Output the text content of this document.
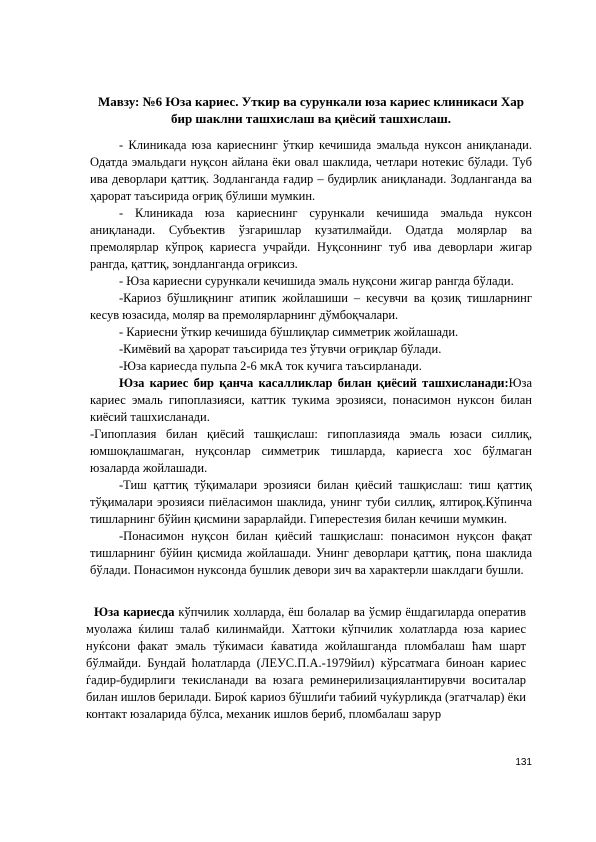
Мавзу: №6 Юза кариес. Уткир ва сурункали юза кариес клиникаси Хар бир шаклни ташхислаш ва қиёсий ташхислаш.

- Клиникада юза кариеснинг ўткир кечишида эмальда нуксон аниқланади. Одатда эмальдаги нуқсон айлана ёки овал шаклида, четлари нотекис бўлади. Туб ива деворлари қаттиқ. Зодланганда ғадир – будирлик аниқланади. Зодланганда ва ҳарорат таъсирида оғриқ бўлиши мумкин.

- Клиникада юза кариеснинг сурункали кечишида эмальда нуксон аниқланади. Субъектив ўзгаришлар кузатилмайди. Одатда молярлар ва премолярлар кўпроқ кариесга учрайди. Нуқсоннинг туб ива деворлари жигар рангда, қаттиқ, зондланганда оғриксиз.

- Юза кариесни сурункали кечишида эмаль нуқсони жигар рангда бўлади.

-Кариоз бўшлиқнинг атипик жойлашиши – кесувчи ва қозиқ тишларнинг кесув юзасида, моляр ва премолярларнинг дўмбоқчалари.

- Кариесни ўткир кечишида бўшлиқлар симметрик жойлашади.

-Кимёвий ва ҳарорат таъсирида тез ўтувчи оғриқлар бўлади.

-Юза кариесда пульпа 2-6 мкА ток кучига таъсирланади.

Юза кариес бир қанча касалликлар билан қиёсий ташхисланади:Юза кариес эмаль гипоплазияси, каттик тукима эрозияси, понасимон нуксон билан киёсий ташхисланади.

-Гипоплазия билан қиёсий ташқислаш: гипоплазияда эмаль юзаси силлиқ, юмшоқлашмаган, нуқсонлар симметрик тишларда, кариесга хос бўлмаган юзаларда жойлашади.

-Тиш қаттиқ тўқималари эрозияси билан қиёсий ташқислаш: тиш қаттиқ тўқималари эрозияси пиёласимон шаклида, унинг туби силлиқ, ялтироқ.Кўпинча тишларнинг бўйин қисмини зарарлайди. Гиперестезия билан кечиши мумкин.

-Понасимон нуқсон билан қиёсий ташқислаш: понасимон нуқсон фақат тишларнинг бўйин қисмида жойлашади. Унинг деворлари қаттиқ, пона шаклида бўлади. Понасимон нуксонда бушлик девори зич ва характерли шаклдаги бушли.

Юза кариесда кўпчилик холларда, ёш болалар ва ўсмир ёшдагиларда оператив муолажа ќилиш талаб килинмайди. Хаттоки кўпчилик холатларда юза кариес нуќсони факат эмаль тўкимаси ќаватида жойлашганда пломбалаш ћам шарт бўлмайди. Бундай ћолатларда (ЛЕУС.П.А.-1979йил) кўрсатмага биноан кариес ѓадир-будирлиги текисланади ва юзага реминерилизациялантирувчи воситалар билан ишлов берилади. Бироќ кариоз бўшлиѓи табиий чуќурликда (эгатчалар) ёки контакт юзаларида бўлса, механик ишлов бериб, пломбалаш зарур

131
